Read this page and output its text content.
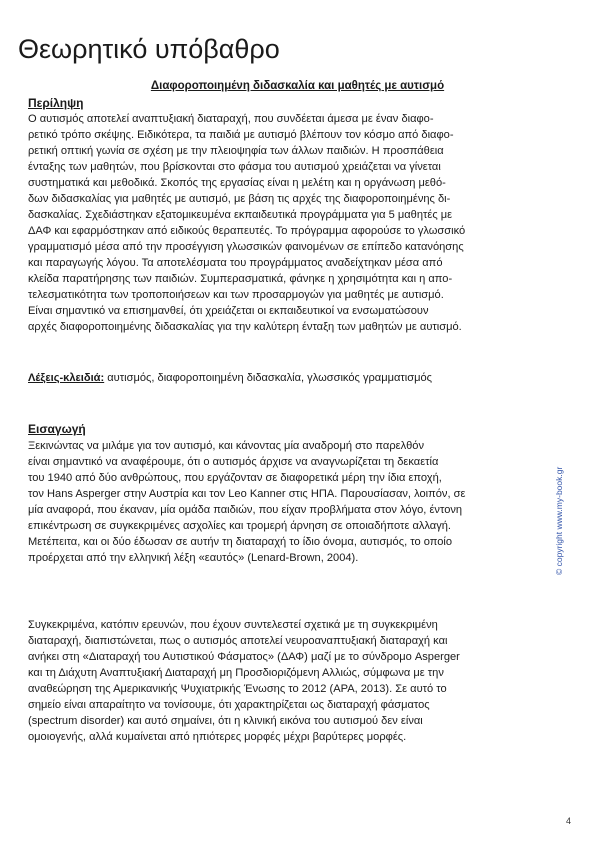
Θεωρητικό υπόβαθρο
Διαφοροποιημένη διδασκαλία και μαθητές με αυτισμό
Περίληψη

Ο αυτισμός αποτελεί αναπτυξιακή διαταραχή, που συνδέεται άμεσα με έναν διαφο-
ρετικό τρόπο σκέψης. Ειδικότερα, τα παιδιά με αυτισμό βλέπουν τον κόσμο από διαφο-
ρετική οπτική γωνία σε σχέση με την πλειοψηφία των άλλων παιδιών. Η προσπάθεια
ένταξης των μαθητών, που βρίσκονται στο φάσμα του αυτισμού χρειάζεται να γίνεται
συστηματικά και μεθοδικά. Σκοπός της εργασίας είναι η μελέτη και η οργάνωση μεθό-
δων διδασκαλίας για μαθητές με αυτισμό, με βάση τις αρχές της διαφοροποιημένης δι-
δασκαλίας. Σχεδιάστηκαν εξατομικευμένα εκπαιδευτικά προγράμματα για 5 μαθητές με
ΔΑΦ και εφαρμόστηκαν από ειδικούς θεραπευτές. Το πρόγραμμα αφορούσε το γλωσσικό
γραμματισμό μέσα από την προσέγγιση γλωσσικών φαινομένων σε επίπεδο κατανόησης
και παραγωγής λόγου. Τα αποτελέσματα του προγράμματος αναδείχτηκαν μέσα από
κλείδα παρατήρησης των παιδιών. Συμπερασματικά, φάνηκε η χρησιμότητα και η απο-
τελεσματικότητα των τροποποιήσεων και των προσαρμογών για μαθητές με αυτισμό.
Είναι σημαντικό να επισημανθεί, ότι χρειάζεται οι εκπαιδευτικοί να ενσωματώσουν
αρχές διαφοροποιημένης διδασκαλίας για την καλύτερη ένταξη των μαθητών με αυτισμό.

Λέξεις-κλειδιά: αυτισμός, διαφοροποιημένη διδασκαλία, γλωσσικός γραμματισμός

Εισαγωγή

Ξεκινώντας να μιλάμε για τον αυτισμό, και κάνοντας μία αναδρομή στο παρελθόν
είναι σημαντικό να αναφέρουμε, ότι ο αυτισμός άρχισε να αναγνωρίζεται τη δεκαετία
του 1940 από δύο ανθρώπους, που εργάζονταν σε διαφορετικά μέρη την ίδια εποχή,
τον Hans Asperger στην Αυστρία και τον Leo Kanner στις ΗΠΑ. Παρουσίασαν, λοιπόν, σε
μία αναφορά, που έκαναν, μία ομάδα παιδιών, που είχαν προβλήματα στον λόγο, έντονη
επικέντρωση σε συγκεκριμένες ασχολίες και τρομερή άρνηση σε οποιαδήποτε αλλαγή.
Μετέπειτα, και οι δύο έδωσαν σε αυτήν τη διαταραχή το ίδιο όνομα, αυτισμός, το οποίο
προέρχεται από την ελληνική λέξη «εαυτός» (Lenard-Brown, 2004).

Συγκεκριμένα, κατόπιν ερευνών, που έχουν συντελεστεί σχετικά με τη συγκεκριμένη
διαταραχή, διαπιστώνεται, πως ο αυτισμός αποτελεί νευροαναπτυξιακή διαταραχή και
ανήκει στη «Διαταραχή του Αυτιστικού Φάσματος» (ΔΑΦ) μαζί με το σύνδρομο Asperger
και τη Διάχυτη Αναπτυξιακή Διαταραχή μη Προσδιοριζόμενη Αλλιώς, σύμφωνα με την
αναθεώρηση της Αμερικανικής Ψυχιατρικής Ένωσης το 2012 (APA, 2013). Σε αυτό το
σημείο είναι απαραίτητο να τονίσουμε, ότι χαρακτηρίζεται ως διαταραχή φάσματος
(spectrum disorder) και αυτό σημαίνει, ότι η κλινική εικόνα του αυτισμού δεν είναι
ομοιογενής, αλλά κυμαίνεται από ηπιότερες μορφές μέχρι βαρύτερες μορφές.

© copyright www.my-book.gr
4
